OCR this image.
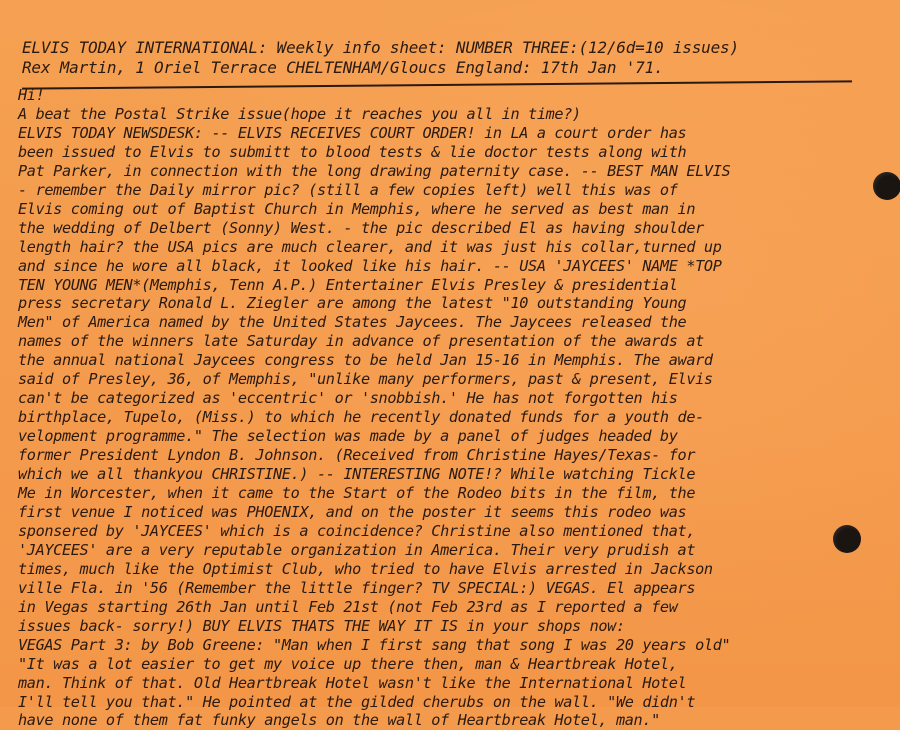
ELVIS TODAY INTERNATIONAL: Weekly info sheet: NUMBER THREE:(12/6d=10 issues)
Rex Martin, 1 Oriel Terrace CHELTENHAM/Gloucs England: 17th Jan '71.
Hi!
A beat the Postal Strike issue(hope it reaches you all in time?)
ELVIS TODAY NEWSDESK: -- ELVIS RECEIVES COURT ORDER! in LA a court order has
been issued to Elvis to submitt to blood tests & lie doctor tests along with
Pat Parker, in connection with the long drawing paternity case. -- BEST MAN ELVIS
- remember the Daily mirror pic? (still a few copies left) well this was of
Elvis coming out of Baptist Church in Memphis, where he served as best man in
the wedding of Delbert (Sonny) West. - the pic described El as having shoulder
length hair? the USA pics are much clearer, and it was just his collar,turned up
and since he wore all black, it looked like his hair. -- USA 'JAYCEES' NAME *TOP
TEN YOUNG MEN*(Memphis, Tenn A.P.) Entertainer Elvis Presley & presidential
press secretary Ronald L. Ziegler are among the latest "10 outstanding Young
Men" of America named by the United States Jaycees. The Jaycees released the
names of the winners late Saturday in advance of presentation of the awards at
the annual national Jaycees congress to be held Jan 15-16 in Memphis. The award
said of Presley, 36, of Memphis, "unlike many performers, past & present, Elvis
can't be categorized as 'eccentric' or 'snobbish.' He has not forgotten his
birthplace, Tupelo, (Miss.) to which he recently donated funds for a youth de-
velopment programme." The selection was made by a panel of judges headed by
former President Lyndon B. Johnson. (Received from Christine Hayes/Texas- for
which we all thankyou CHRISTINE.) -- INTERESTING NOTE!? While watching Tickle
Me in Worcester, when it came to the Start of the Rodeo bits in the film, the
first venue I noticed was PHOENIX, and on the poster it seems this rodeo was
sponsered by 'JAYCEES' which is a coincidence? Christine also mentioned that,
'JAYCEES' are a very reputable organization in America. Their very prudish at
times, much like the Optimist Club, who tried to have Elvis arrested in Jackson
ville Fla. in '56 (Remember the little finger? TV SPECIAL:) VEGAS. El appears
in Vegas starting 26th Jan until Feb 21st (not Feb 23rd as I reported a few
issues back- sorry!) BUY ELVIS THATS THE WAY IT IS in your shops now:
VEGAS Part 3: by Bob Greene: "Man when I first sang that song I was 20 years old"
"It was a lot easier to get my voice up there then, man & Heartbreak Hotel,
man. Think of that. Old Heartbreak Hotel wasn't like the International Hotel
I'll tell you that." He pointed at the gilded cherubs on the wall. "We didn't
have none of them fat funky angels on the wall of Heartbreak Hotel, man."
